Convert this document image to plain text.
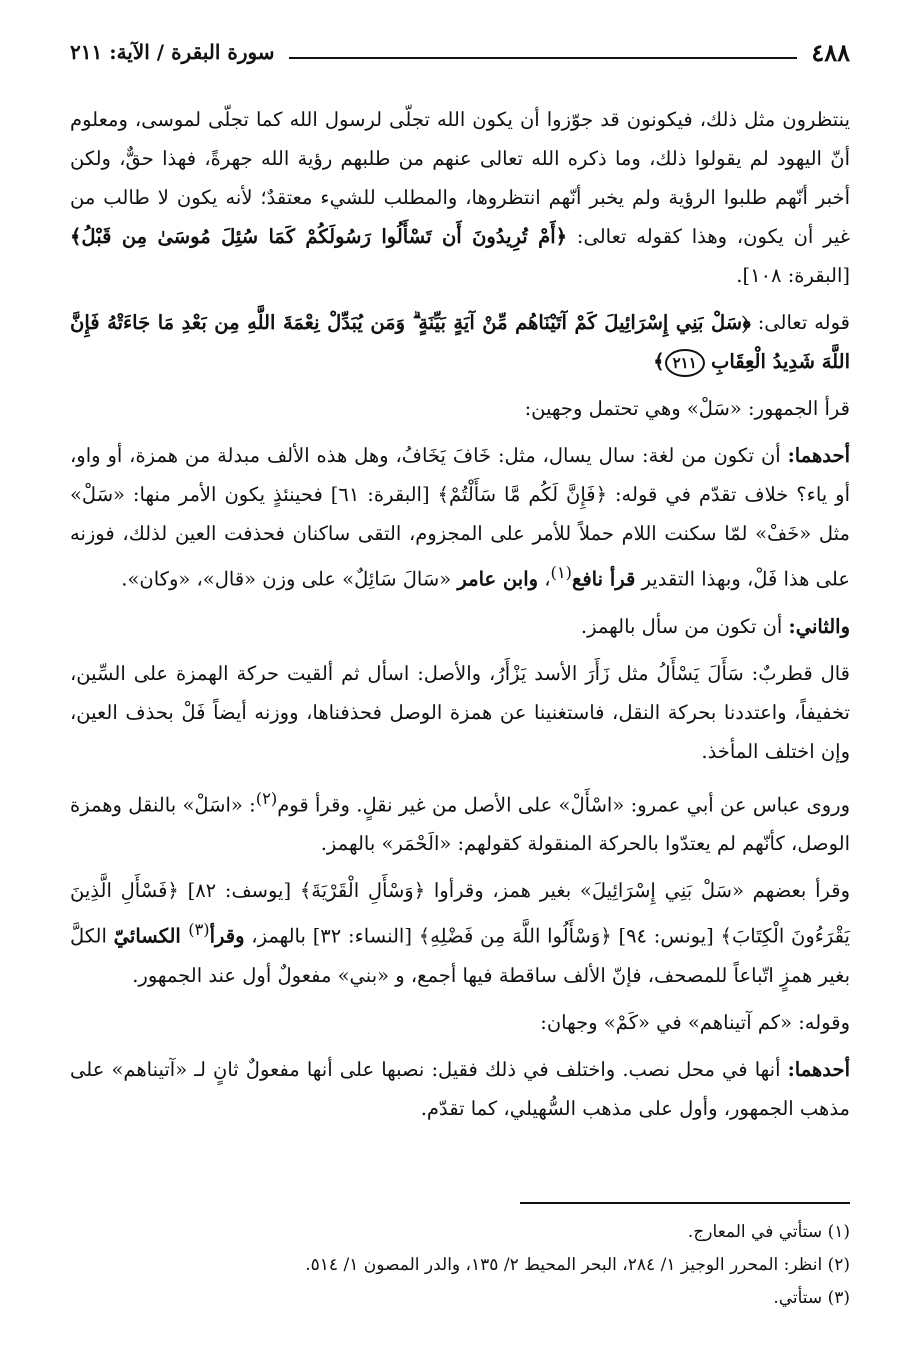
٤٨٨
سورة البقرة / الآية: ٢١١

ينتظرون مثل ذلك، فيكونون قد جوّزوا أن يكون الله تجلّى لرسول الله كما تجلّى لموسى، ومعلوم أنّ اليهود لم يقولوا ذلك، وما ذكره الله تعالى عنهم من طلبهم رؤية الله جهرةً، فهذا حقٌّ، ولكن أخبر أنّهم طلبوا الرؤية ولم يخبر أنّهم انتظروها، والمطلب للشيء معتقدٌ؛ لأنه يكون لا طالب من غير أن يكون، وهذا كقوله تعالى: ﴿أَمْ تُرِيدُونَ أَن تَسْأَلُوا رَسُولَكُمْ كَمَا سُئِلَ مُوسَىٰ مِن قَبْلُ﴾ [البقرة: ١٠٨].

قوله تعالى: ﴿سَلْ بَنِي إِسْرَائِيلَ كَمْ آتَيْنَاهُم مِّنْ آيَةٍ بَيِّنَةٍ ۗ وَمَن يُبَدِّلْ نِعْمَةَ اللَّهِ مِن بَعْدِ مَا جَاءَتْهُ فَإِنَّ اللَّهَ شَدِيدُ الْعِقَابِ ٢١١﴾

قرأ الجمهور: «سَلْ» وهي تحتمل وجهين:

أحدهما: أن تكون من لغة: سال يسال، مثل: خَافَ يَخَافُ، وهل هذه الألف مبدلة من همزة، أو واو، أو ياء؟ خلاف تقدّم في قوله: ﴿فَإِنَّ لَكُم مَّا سَأَلْتُمْ﴾ [البقرة: ٦١] فحينئذٍ يكون الأمر منها: «سَلْ» مثل «خَفْ» لمّا سكنت اللام حملاً للأمر على المجزوم، التقى ساكنان فحذفت العين لذلك، فوزنه على هذا فَلْ، وبهذا التقدير قرأ نافع$^{(١)}$، وابن عامر «سَالَ سَائِلٌ» على وزن «قال»، «وكان».

والثاني: أن تكون من سأل بالهمز.

قال قطربٌ: سَأَلَ يَسْأَلُ مثل زَأَرَ الأسد يَزْأَرُ، والأصل: اسأل ثم ألقيت حركة الهمزة على السِّين، تخفيفاً، واعتددنا بحركة النقل، فاستغنينا عن همزة الوصل فحذفناها، ووزنه أيضاً فَلْ بحذف العين، وإن اختلف المأخذ.

وروى عباس عن أبي عمرو: «اسْأَلْ» على الأصل من غير نقلٍ. وقرأ قوم$^{(٢)}$: «اسَلْ» بالنقل وهمزة الوصل، كأنّهم لم يعتدّوا بالحركة المنقولة كقولهم: «الَحْمَر» بالهمز.

وقرأ بعضهم «سَلْ بَنِي إِسْرَائِيلَ» بغير همز، وقرأوا ﴿وَسْأَلِ الْقَرْيَةَ﴾ [يوسف: ٨٢] ﴿فَسْأَلِ الَّذِينَ يَقْرَءُونَ الْكِتَابَ﴾ [يونس: ٩٤] ﴿وَسْأَلُوا اللَّهَ مِن فَضْلِهِ﴾ [النساء: ٣٢] بالهمز، وقرأ$^{(٣)}$ الكسائيّ الكلَّ بغير همزٍ اتّباعاً للمصحف، فإنّ الألف ساقطة فيها أجمع، و «بني» مفعولٌ أول عند الجمهور.

وقوله: «كم آتيناهم» في «كَمْ» وجهان:

أحدهما: أنها في محل نصب. واختلف في ذلك فقيل: نصبها على أنها مفعولٌ ثانٍ لـ «آتيناهم» على مذهب الجمهور، وأول على مذهب السُّهيلي، كما تقدّم.

(١) ستأتي في المعارج.
(٢) انظر: المحرر الوجيز ١/ ٢٨٤، البحر المحيط ٢/ ١٣٥، والدر المصون ١/ ٥١٤.
(٣) ستأتي.
